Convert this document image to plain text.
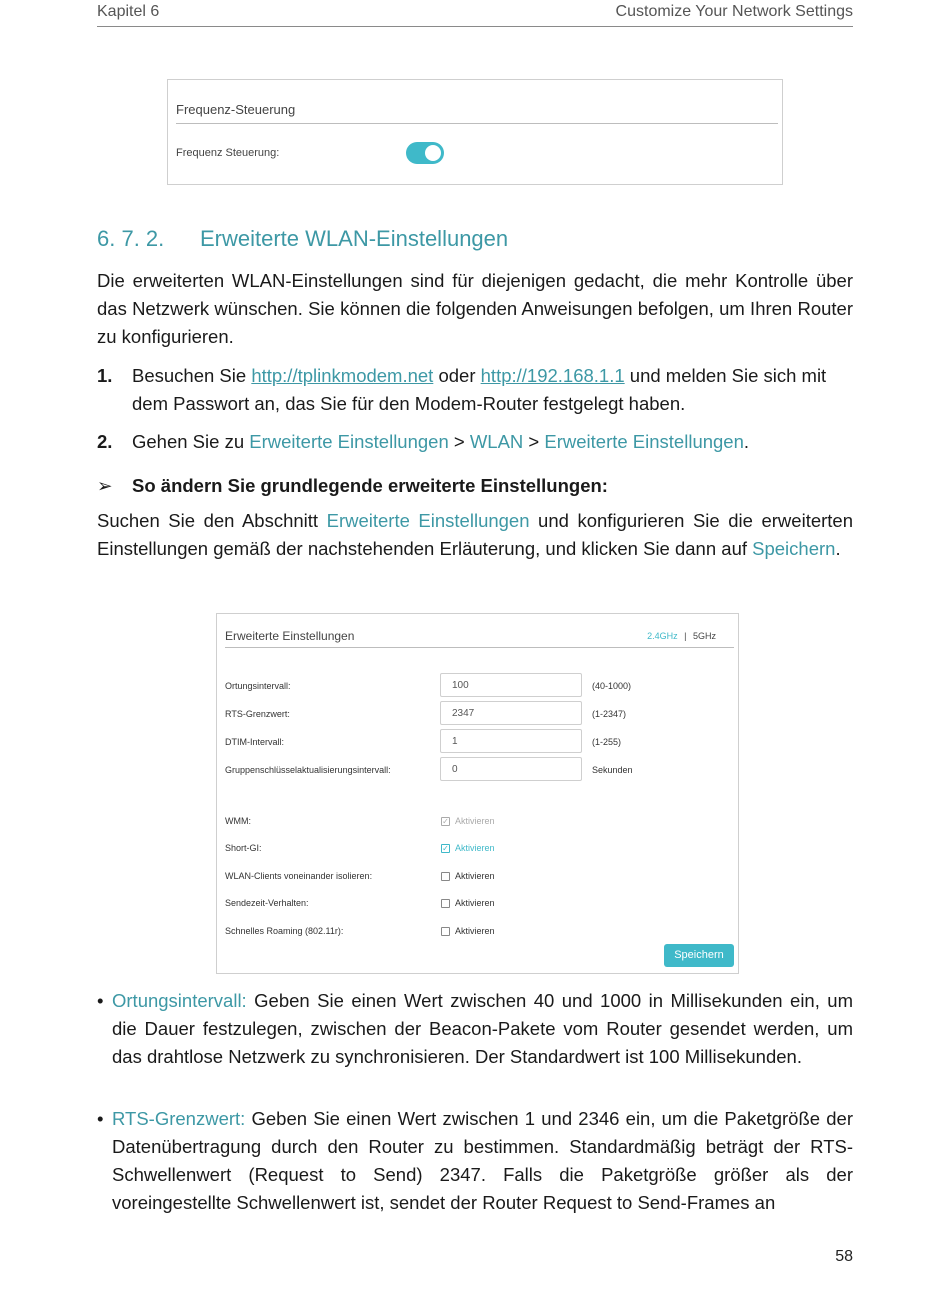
Kapitel 6	Customize Your Network Settings
Frequenz-Steuerung
Frequenz Steuerung:
6. 7. 2. Erweiterte WLAN-Einstellungen
Die erweiterten WLAN-Einstellungen sind für diejenigen gedacht, die mehr Kontrolle über das Netzwerk wünschen. Sie können die folgenden Anweisungen befolgen, um Ihren Router zu konfigurieren.
1. Besuchen Sie http://tplinkmodem.net oder http://192.168.1.1 und melden Sie sich mit dem Passwort an, das Sie für den Modem-Router festgelegt haben.
2. Gehen Sie zu Erweiterte Einstellungen > WLAN > Erweiterte Einstellungen.
➢ So ändern Sie grundlegende erweiterte Einstellungen:
Suchen Sie den Abschnitt Erweiterte Einstellungen und konfigurieren Sie die erweiterten Einstellungen gemäß der nachstehenden Erläuterung, und klicken Sie dann auf Speichern.
Erweiterte Einstellungen	2.4GHz | 5GHz
Ortungsintervall:	100	(40-1000)
RTS-Grenzwert:	2347	(1-2347)
DTIM-Intervall:	1	(1-255)
Gruppenschlüsselaktualisierungsintervall:	0	Sekunden
WMM:	✓ Aktivieren
Short-GI:	✓ Aktivieren
WLAN-Clients voneinander isolieren:	Aktivieren
Sendezeit-Verhalten:	Aktivieren
Schnelles Roaming (802.11r):	Aktivieren
Speichern
• Ortungsintervall: Geben Sie einen Wert zwischen 40 und 1000 in Millisekunden ein, um die Dauer festzulegen, zwischen der Beacon-Pakete vom Router gesendet werden, um das drahtlose Netzwerk zu synchronisieren. Der Standardwert ist 100 Millisekunden.
• RTS-Grenzwert: Geben Sie einen Wert zwischen 1 und 2346 ein, um die Paketgröße der Datenübertragung durch den Router zu bestimmen. Standardmäßig beträgt der RTS-Schwellenwert (Request to Send) 2347. Falls die Paketgröße größer als der voreingestellte Schwellenwert ist, sendet der Router Request to Send-Frames an
58
